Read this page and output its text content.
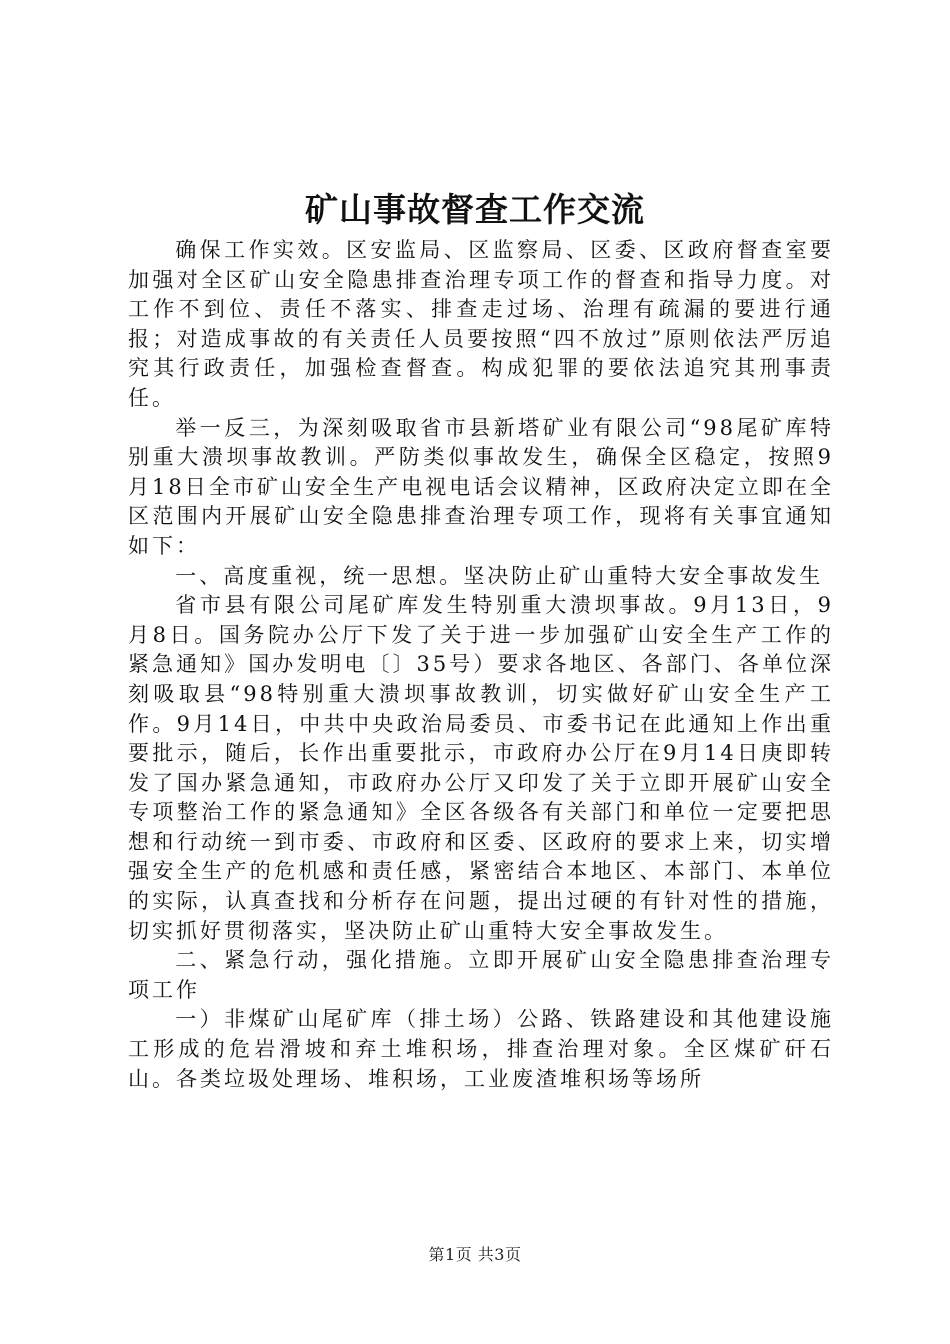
矿山事故督查工作交流

确保工作实效。区安监局、区监察局、区委、区政府督查室要加强对全区矿山安全隐患排查治理专项工作的督查和指导力度。对工作不到位、责任不落实、排查走过场、治理有疏漏的要进行通报；对造成事故的有关责任人员要按照“四不放过”原则依法严厉追究其行政责任，加强检查督查。构成犯罪的要依法追究其刑事责任。

举一反三，为深刻吸取省市县新塔矿业有限公司“98尾矿库特别重大溃坝事故教训。严防类似事故发生，确保全区稳定，按照9月18日全市矿山安全生产电视电话会议精神，区政府决定立即在全区范围内开展矿山安全隐患排查治理专项工作，现将有关事宜通知如下：

一、高度重视，统一思想。坚决防止矿山重特大安全事故发生

省市县有限公司尾矿库发生特别重大溃坝事故。9月13日，9月8日。国务院办公厅下发了关于进一步加强矿山安全生产工作的紧急通知》国办发明电〔〕35号）要求各地区、各部门、各单位深刻吸取县“98特别重大溃坝事故教训，切实做好矿山安全生产工作。9月14日，中共中央政治局委员、市委书记在此通知上作出重要批示，随后，长作出重要批示，市政府办公厅在9月14日庚即转发了国办紧急通知，市政府办公厅又印发了关于立即开展矿山安全专项整治工作的紧急通知》全区各级各有关部门和单位一定要把思想和行动统一到市委、市政府和区委、区政府的要求上来，切实增强安全生产的危机感和责任感，紧密结合本地区、本部门、本单位的实际，认真查找和分析存在问题，提出过硬的有针对性的措施，切实抓好贯彻落实，坚决防止矿山重特大安全事故发生。

二、紧急行动，强化措施。立即开展矿山安全隐患排查治理专项工作

一）非煤矿山尾矿库（排土场）公路、铁路建设和其他建设施工形成的危岩滑坡和弃土堆积场，排查治理对象。全区煤矿矸石山。各类垃圾处理场、堆积场，工业废渣堆积场等场所

第1页 共3页
